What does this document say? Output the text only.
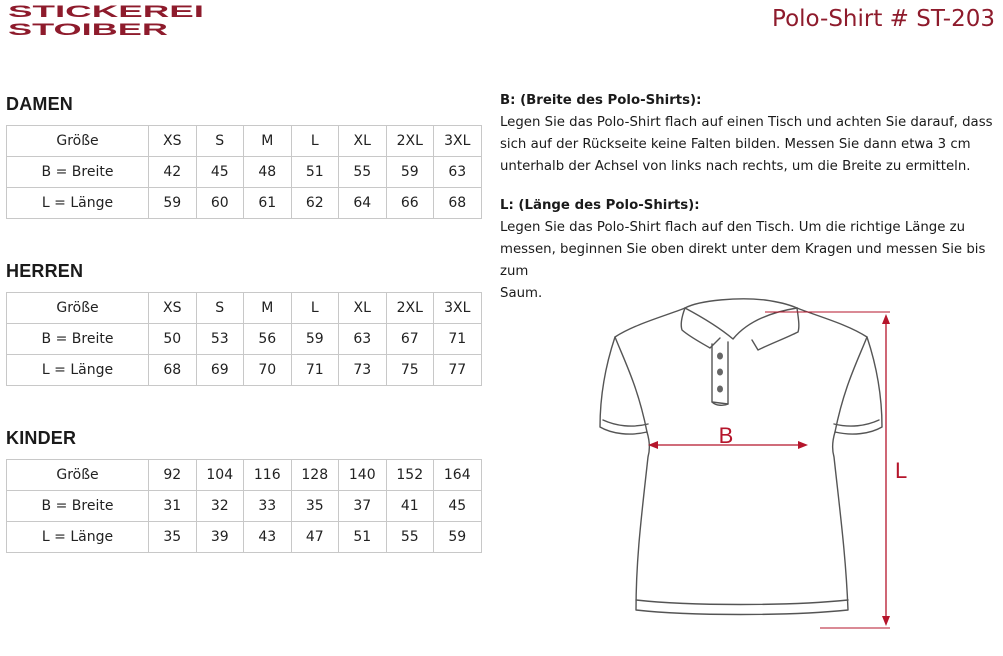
STICKEREI
STOIBER	Polo-Shirt # ST-203
DAMEN
Größe	XS	S	M	L	XL	2XL	3XL
B = Breite	42	45	48	51	55	59	63
L = Länge	59	60	61	62	64	66	68
HERREN
Größe	XS	S	M	L	XL	2XL	3XL
B = Breite	50	53	56	59	63	67	71
L = Länge	68	69	70	71	73	75	77
KINDER
Größe	92	104	116	128	140	152	164
B = Breite	31	32	33	35	37	41	45
L = Länge	35	39	43	47	51	55	59
B: (Breite des Polo-Shirts):
Legen Sie das Polo-Shirt flach auf einen Tisch und achten Sie darauf, dass
sich auf der Rückseite keine Falten bilden. Messen Sie dann etwa 3 cm
unterhalb der Achsel von links nach rechts, um die Breite zu ermitteln.
L: (Länge des Polo-Shirts):
Legen Sie das Polo-Shirt flach auf den Tisch. Um die richtige Länge zu
messen, beginnen Sie oben direkt unter dem Kragen und messen Sie bis zum
Saum.
B
L
